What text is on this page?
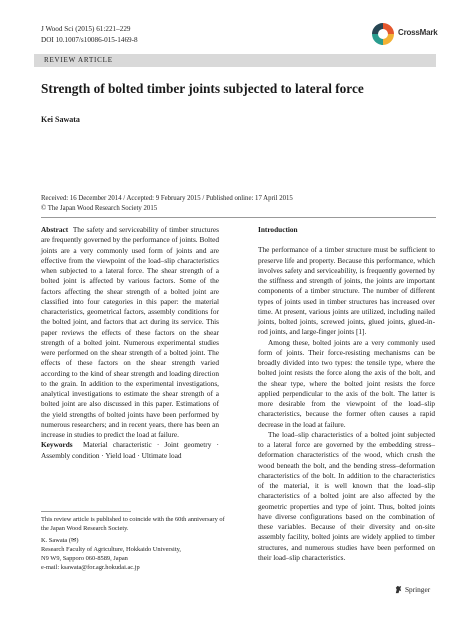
J Wood Sci (2015) 61:221–229
DOI 10.1007/s10086-015-1469-8
CrossMark
REVIEW ARTICLE
Strength of bolted timber joints subjected to lateral force
Kei Sawata
Received: 16 December 2014 / Accepted: 9 February 2015 / Published online: 17 April 2015
© The Japan Wood Research Society 2015

Abstract The safety and serviceability of timber structures are frequently governed by the performance of joints. Bolted joints are a very commonly used form of joints and are effective from the viewpoint of the load–slip characteristics when subjected to a lateral force. The shear strength of a bolted joint is affected by various factors. Some of the factors affecting the shear strength of a bolted joint are classified into four categories in this paper: the material characteristics, geometrical factors, assembly conditions for the bolted joint, and factors that act during its service. This paper reviews the effects of these factors on the shear strength of a bolted joint. Numerous experimental studies were performed on the shear strength of a bolted joint. The effects of these factors on the shear strength varied according to the kind of shear strength and loading direction to the grain. In addition to the experimental investigations, analytical investigations to estimate the shear strength of a bolted joint are also discussed in this paper. Estimations of the yield strengths of bolted joints have been performed by numerous researchers; and in recent years, there has been an increase in studies to predict the load at failure.

Keywords Material characteristic · Joint geometry · Assembly condition · Yield load · Ultimate load

This review article is published to coincide with the 60th anniversary of the Japan Wood Research Society.

K. Sawata (✉)

Research Faculty of Agriculture, Hokkaido University,

N9 W9, Sapporo 060-8589, Japan

e-mail: ksawata@for.agr.hokudai.ac.jp

Introduction

The performance of a timber structure must be sufficient to preserve life and property. Because this performance, which involves safety and serviceability, is frequently governed by the stiffness and strength of joints, the joints are important components of a timber structure. The number of different types of joints used in timber structures has increased over time. At present, various joints are utilized, including nailed joints, bolted joints, screwed joints, glued joints, glued-in-rod joints, and large-finger joints [1].

Among these, bolted joints are a very commonly used form of joints. Their force-resisting mechanisms can be broadly divided into two types: the tensile type, where the bolted joint resists the force along the axis of the bolt, and the shear type, where the bolted joint resists the force applied perpendicular to the axis of the bolt. The latter is more desirable from the viewpoint of the load–slip characteristics, because the former often causes a rapid decrease in the load at failure.

The load–slip characteristics of a bolted joint subjected to a lateral force are governed by the embedding stress–deformation characteristics of the wood, which crush the wood beneath the bolt, and the bending stress–deformation characteristics of the bolt. In addition to the characteristics of the material, it is well known that the load–slip characteristics of a bolted joint are also affected by the geometric properties and type of joint. Thus, bolted joints have diverse configurations based on the combination of these variables. Because of their diversity and on-site assembly facility, bolted joints are widely applied to timber structures, and numerous studies have been performed on their load–slip characteristics.

Springer
